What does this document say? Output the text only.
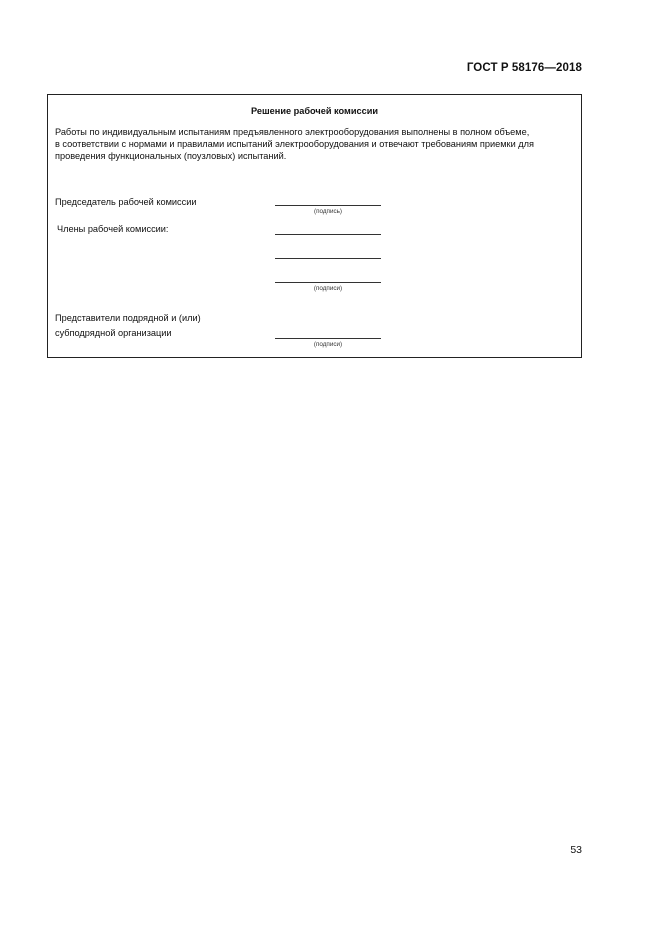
ГОСТ Р 58176—2018
Решение рабочей комиссии
Работы по индивидуальным испытаниям предъявленного электрооборудования выполнены в полном объеме,
в соответствии с нормами и правилами испытаний электрооборудования и отвечают требованиям приемки для
проведения функциональных (поузловых) испытаний.
Председатель рабочей комиссии
(подпись)
Члены рабочей комиссии:
(подписи)
Представители подрядной и (или)
субподрядной организации
(подписи)
53
